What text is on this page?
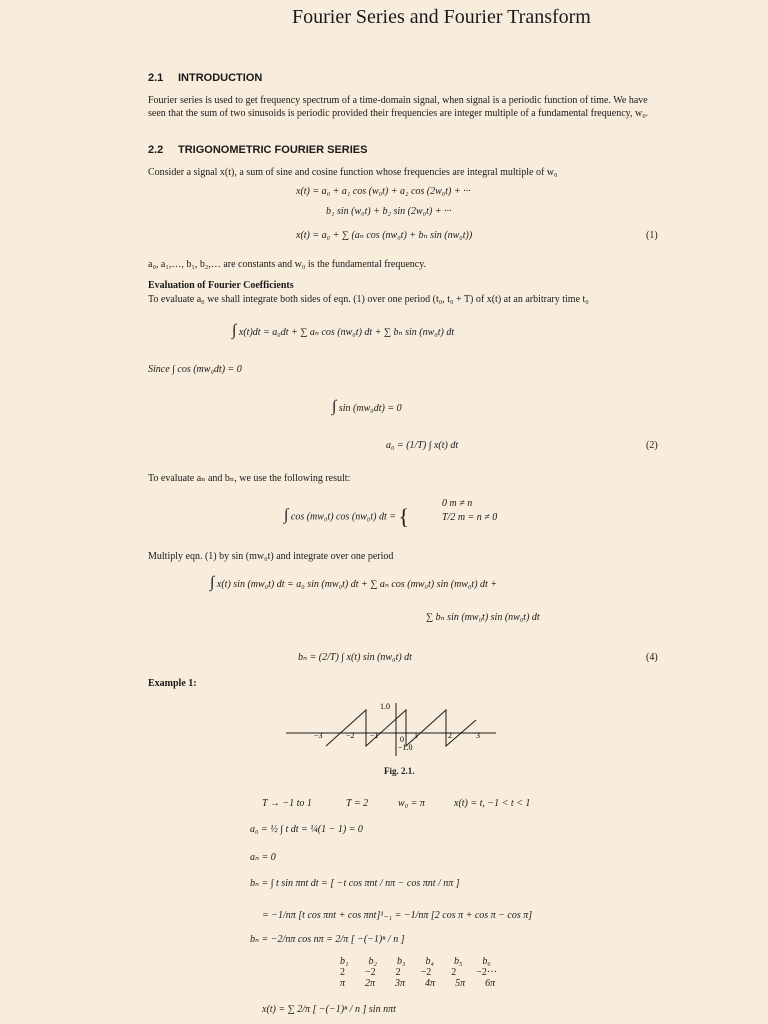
Fourier Series and Fourier Transform
2.1 INTRODUCTION
Fourier series is used to get frequency spectrum of a time-domain signal, when signal is a periodic function of time. We have seen that the sum of two sinusoids is periodic provided their frequencies are integer multiple of a fundamental frequency, w₀.
2.2 TRIGONOMETRIC FOURIER SERIES
Consider a signal x(t), a sum of sine and cosine function whose frequencies are integral multiple of w₀
x(t) = a₀ + a₁ cos (w₀t) + a₂ cos (2w₀t) + ···
b₁ sin (w₀t) + b₂ sin (2w₀t) + ···
x(t) = a₀ + ∑ (aₙ cos (nw₀t) + bₙ sin (nw₀t))	(1)
a₀, a₁,…, b₁, b₂,… are constants and w₀ is the fundamental frequency.
Evaluation of Fourier Coefficients
To evaluate a₀ we shall integrate both sides of eqn. (1) over one period (t₀, t₀ + T) of x(t) at an arbitrary time t₀
∫ x(t)dt = a₀dt + ∑ aₙ cos (nw₀t) dt + ∑ bₙ sin (nw₀t) dt
Since ∫ cos (mw₀dt) = 0
∫ sin (mw₀dt) = 0
a₀ = (1/T) ∫ x(t) dt	(2)
To evaluate aₙ and bₙ, we use the following result:
∫ cos (mw₀t) cos (nw₀t) dt = {
0 m ≠ n
T/2 m = n ≠ 0
Multiply eqn. (1) by sin (mw₀t) and integrate over one period
∫ x(t) sin (mw₀t) dt = a₀ sin (mw₀t) dt + ∑ aₙ cos (mw₀t) sin (mw₀t) dt +
∑ bₙ sin (mw₀t) sin (nw₀t) dt
bₙ = (2/T) ∫ x(t) sin (nw₀t) dt	(4)
Example 1:
−3	−2 −1	0 1	2	3
1.0
−1.0
Fig. 2.1.
T → −1 to 1	T = 2	w₀ = π	x(t) = t, −1 < t < 1
a₀ = ½ ∫ t dt = ¼(1 − 1) = 0
aₙ = 0
bₙ = ∫ t sin πnt dt = [ −t cos πnt / nπ − cos πnt / nπ ]
= −1/nπ [t cos πnt + cos πnt]¹₋₁ = −1/nπ [2 cos π + cos π − cos π]
bₙ = −2/nπ cos nπ = 2/π [ −(−1)ⁿ / n ]
b₁ b₂ b₃ b₄ b₅ b₆
2 −2 2 −2 2 −2···
π 2π 3π 4π 5π 6π
x(t) = ∑ 2/π [ −(−1)ⁿ / n ] sin nπt
